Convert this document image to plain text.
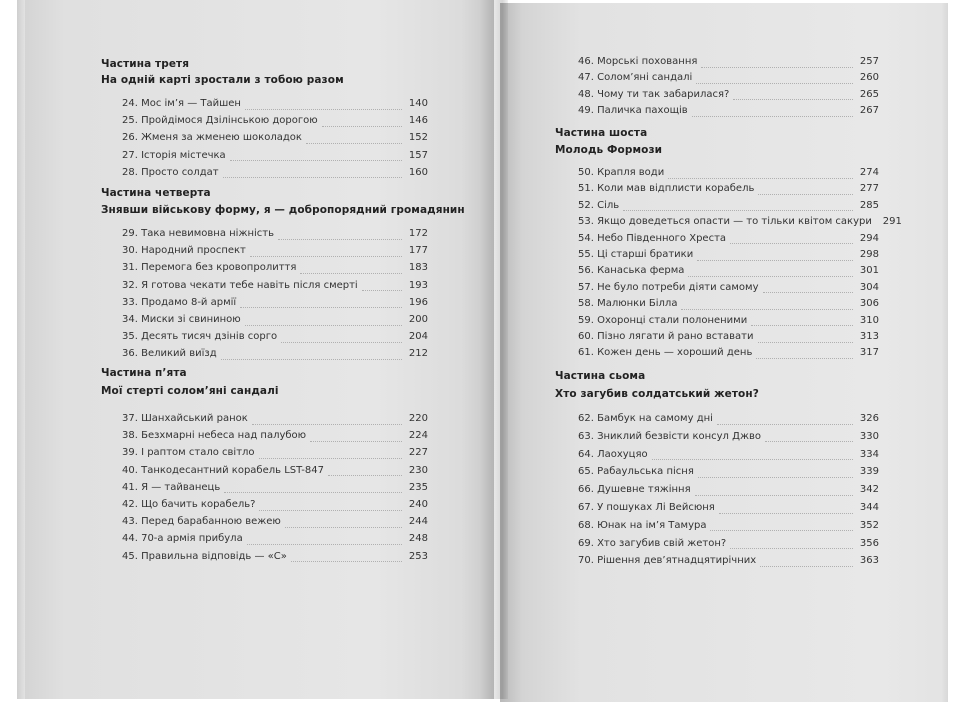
Частина третя
На одній карті зростали з тобою разом
24. Мос ім’я — Тайшен	140
25. Пройдімося Дзілінською дорогою	146
26. Жменя за жменею шоколадок	152
27. Історія містечка	157
28. Просто солдат	160
Частина четверта
Знявши військову форму, я — добропорядний громадянин
29. Така невимовна ніжність	172
30. Народний проспект	177
31. Перемога без кровопролиття	183
32. Я готова чекати тебе навіть після смерті	193
33. Продамо 8-й армії	196
34. Миски зі свининою	200
35. Десять тисяч дзінів сорго	204
36. Великий виїзд	212
Частина п’ята
Мої стерті солом’яні сандалі
37. Шанхайський ранок	220
38. Безхмарні небеса над палубою	224
39. І раптом стало світло	227
40. Танкодесантний корабель LST-847	230
41. Я — тайванець	235
42. Що бачить корабель?	240
43. Перед барабанною вежею	244
44. 70-а армія прибула	248
45. Правильна відповідь — «С»	253
46. Морські поховання	257
47. Солом’яні сандалі	260
48. Чому ти так забарилася?	265
49. Паличка пахощів	267
Частина шоста
Молодь Формози
50. Крапля води	274
51. Коли мав відплисти корабель	277
52. Сіль	285
53. Якщо доведеться опасти — то тільки квітом сакури 291
54. Небо Південного Хреста	294
55. Ці старші братики	298
56. Канаська ферма	301
57. Не було потреби діяти самому	304
58. Малюнки Білла	306
59. Охоронці стали полоненими	310
60. Пізно лягати й рано вставати	313
61. Кожен день — хороший день	317
Частина сьома
Хто загубив солдатський жетон?
62. Бамбук на самому дні	326
63. Зниклий безвісти консул Джво	330
64. Лаохуцяо	334
65. Рабаульська пісня	339
66. Душевне тяжіння	342
67. У пошуках Лі Вейсюня	344
68. Юнак на ім’я Тамура	352
69. Хто загубив свій жетон?	356
70. Рішення дев’ятнадцятирічних	363
